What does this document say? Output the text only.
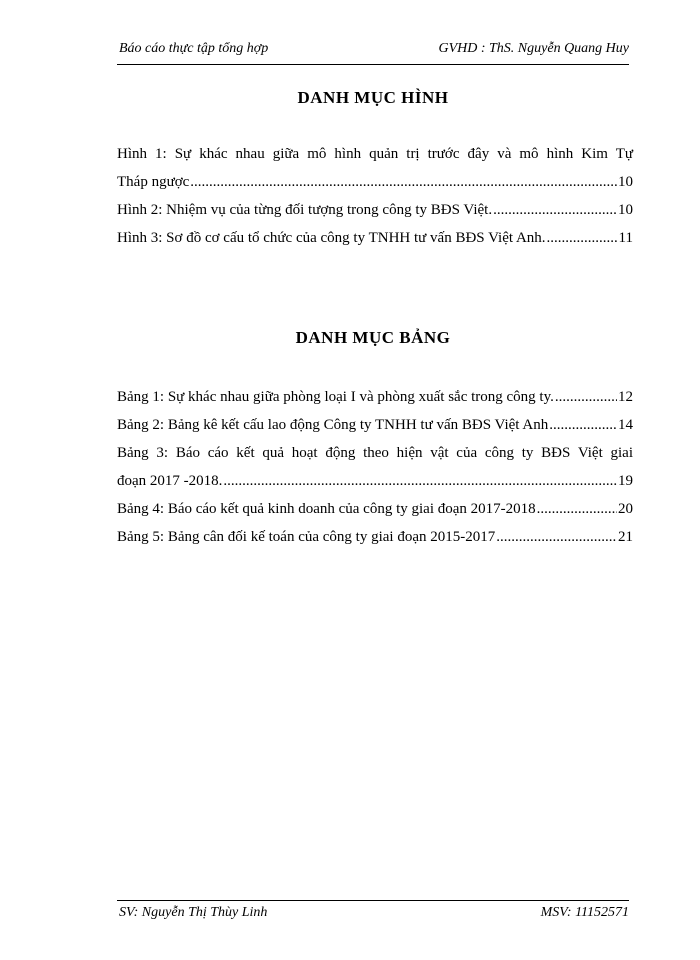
Báo cáo thực tập tổng hợp	GVHD : ThS. Nguyễn Quang Huy
DANH MỤC HÌNH
Hình 1: Sự khác nhau giữa mô hình quản trị trước đây và mô hình Kim Tự
Tháp ngược .....	10
Hình 2: Nhiệm vụ của từng đối tượng trong công ty BĐS Việt. .....	10
Hình 3: Sơ đồ cơ cấu tổ chức của công ty TNHH tư vấn BĐS Việt Anh. .....	11
DANH MỤC BẢNG
Bảng 1: Sự khác nhau giữa phòng loại I và phòng xuất sắc trong công ty. .....	12
Bảng 2: Bảng kê kết cấu lao động Công ty TNHH tư vấn BĐS Việt Anh .....	14
Bảng 3: Báo cáo kết quả hoạt động theo hiện vật của công ty BĐS Việt giai
đoạn 2017 -2018. .....	19
Bảng 4: Báo cáo kết quả kinh doanh của công ty giai đoạn 2017-2018 .....	20
Bảng 5: Bảng cân đối kế toán của công ty giai đoạn 2015-2017 .....	21
SV: Nguyễn Thị Thùy Linh	MSV: 11152571
